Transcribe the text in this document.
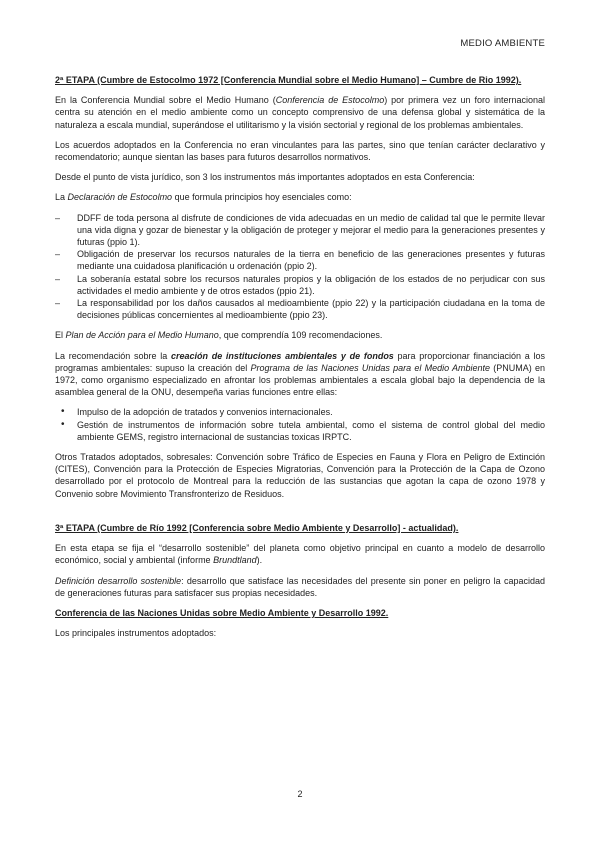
MEDIO AMBIENTE

2ª ETAPA (Cumbre de Estocolmo 1972 [Conferencia Mundial sobre el Medio Humano] – Cumbre de Rio 1992).

En la Conferencia Mundial sobre el Medio Humano (Conferencia de Estocolmo) por primera vez un foro internacional centra su atención en el medio ambiente como un concepto comprensivo de una defensa global y sistemática de la naturaleza a escala mundial, superándose el utilitarismo y la visión sectorial y regional de los problemas ambientales.

Los acuerdos adoptados en la Conferencia no eran vinculantes para las partes, sino que tenían carácter declarativo y recomendatorio; aunque sientan las bases para futuros desarrollos normativos.

Desde el punto de vista jurídico, son 3 los instrumentos más importantes adoptados en esta Conferencia:

La Declaración de Estocolmo que formula principios hoy esenciales como:

– DDFF de toda persona al disfrute de condiciones de vida adecuadas en un medio de calidad tal que le permite llevar una vida digna y gozar de bienestar y la obligación de proteger y mejorar el medio para la generaciones presentes y futuras (ppio 1).
– Obligación de preservar los recursos naturales de la tierra en beneficio de las generaciones presentes y futuras mediante una cuidadosa planificación u ordenación (ppio 2).
– La soberanía estatal sobre los recursos naturales propios y la obligación de los estados de no perjudicar con sus actividades el medio ambiente y de otros estados (ppio 21).
– La responsabilidad por los daños causados al medioambiente (ppio 22) y la participación ciudadana en la toma de decisiones públicas concernientes al medioambiente (ppio 23).

El Plan de Acción para el Medio Humano, que comprendía 109 recomendaciones.

La recomendación sobre la creación de instituciones ambientales y de fondos para proporcionar financiación a los programas ambientales: supuso la creación del Programa de las Naciones Unidas para el Medio Ambiente (PNUMA) en 1972, como organismo especializado en afrontar los problemas ambientales a escala global bajo la dependencia de la asamblea general de la ONU, desempeña varias funciones entre ellas:

• Impulso de la adopción de tratados y convenios internacionales.
• Gestión de instrumentos de información sobre tutela ambiental, como el sistema de control global del medio ambiente GEMS, registro internacional de sustancias toxicas IRPTC.

Otros Tratados adoptados, sobresales: Convención sobre Tráfico de Especies en Fauna y Flora en Peligro de Extinción (CITES), Convención para la Protección de Especies Migratorias, Convención para la Protección de la Capa de Ozono desarrollado por el protocolo de Montreal para la reducción de las sustancias que agotan la capa de ozono 1978 y Convenio sobre Movimiento Transfronterizo de Residuos.

3ª ETAPA (Cumbre de Río 1992 [Conferencia sobre Medio Ambiente y Desarrollo] - actualidad).

En esta etapa se fija el “desarrollo sostenible” del planeta como objetivo principal en cuanto a modelo de desarrollo económico, social y ambiental (informe Brundtland).

Definición desarrollo sostenible: desarrollo que satisface las necesidades del presente sin poner en peligro la capacidad de generaciones futuras para satisfacer sus propias necesidades.

Conferencia de las Naciones Unidas sobre Medio Ambiente y Desarrollo 1992.

Los principales instrumentos adoptados:

2
